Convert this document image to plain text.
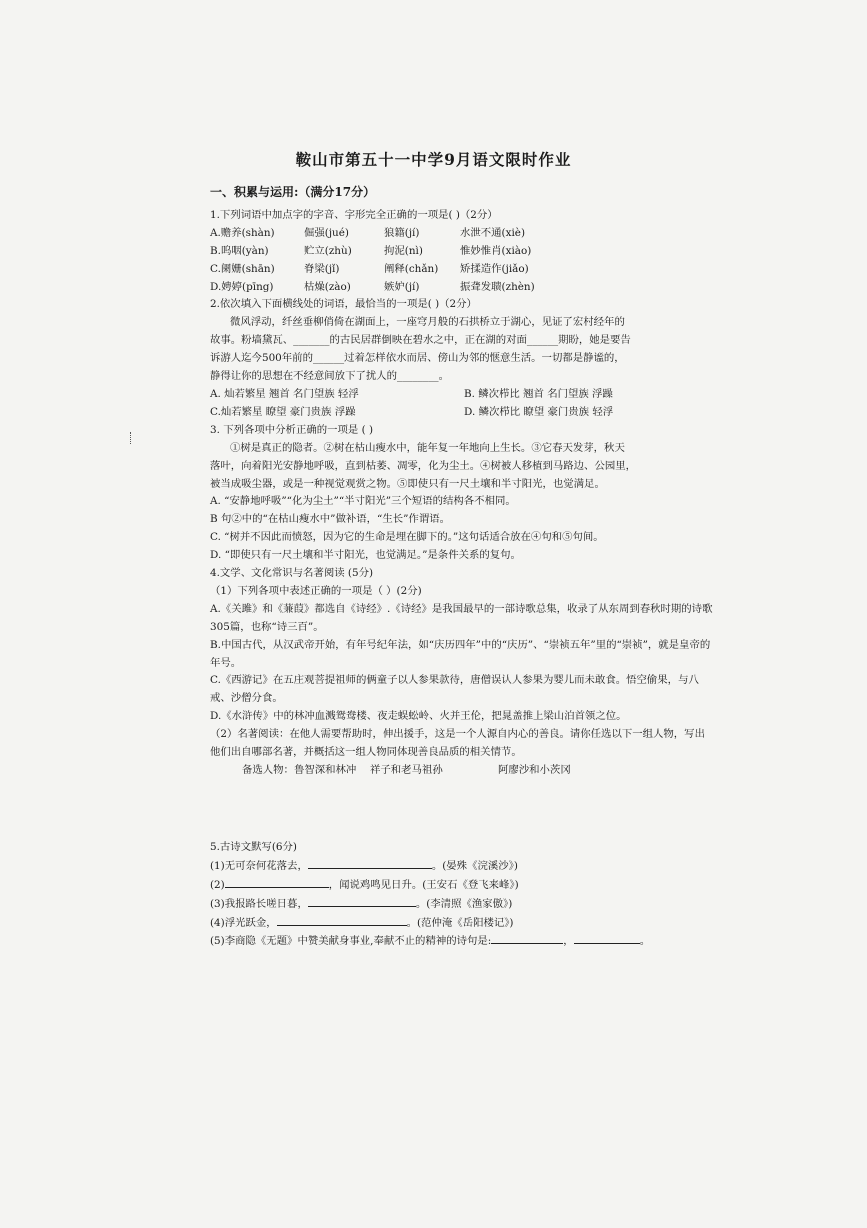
鞍山市第五十一中学9月语文限时作业

一、积累与运用:（满分17分）

1.下列词语中加点字的字音、字形完全正确的一项是( )（2分）

A.赡养(shàn)	倔强(jué)	狼籍(jí)	水泄不通(xiè)
B.呜咽(yàn)	贮立(zhù)	拘泥(nì)	惟妙惟肖(xiào)
C.阑姗(shān)	脊梁(jǐ)	阐释(chǎn)	矫揉造作(jiǎo)
D.娉婷(pīng)	枯燥(zào)	嫉妒(jí)	振聋发聩(zhèn)

2.依次填入下面横线处的词语，最恰当的一项是( )（2分）

微风浮动，纤丝垂柳俏倚在湖面上，一座穹月般的石拱桥立于湖心，见证了宏村经年的

故事。粉墙黛瓦、_______的古民居群倒映在碧水之中，正在湖的对面______期盼，她是要告

诉游人迄今500年前的______过着怎样依水而居、傍山为邻的惬意生活。一切都是静谧的，

静得让你的思想在不经意间放下了扰人的________。

A. 灿若繁星 翘首 名门望族 轻浮	B. 鳞次栉比 翘首 名门望族 浮躁
C.灿若繁星 瞭望 豪门贵族 浮躁	D. 鳞次栉比 瞭望 豪门贵族 轻浮

3. 下列各项中分析正确的一项是 ( )

①树是真正的隐者。②树在枯山瘦水中，能年复一年地向上生长。③它春天发芽，秋天

落叶，向着阳光安静地呼吸，直到枯萎、凋零，化为尘土。④树被人移植到马路边、公园里，

被当成吸尘器，或是一种视觉观赏之物。⑤即使只有一尺土壤和半寸阳光，也觉满足。

A. “安静地呼吸”“化为尘土”“半寸阳光”三个短语的结构各不相同。

B 句②中的“在枯山瘦水中”做补语，“生长”作谓语。

C. “树并不因此而愤怒，因为它的生命是埋在脚下的。”这句话适合放在④句和⑤句间。

D. “即使只有一尺土壤和半寸阳光，也觉满足。”是条件关系的复句。

4.文学、文化常识与名著阅读 (5分)

（1）下列各项中表述正确的一项是（ ）(2分)

A.《关雎》和《蒹葭》都选自《诗经》.《诗经》是我国最早的一部诗歌总集，收录了从东周到春秋时期的诗歌305篇，也称“诗三百”。

B.中国古代，从汉武帝开始，有年号纪年法，如“庆历四年”中的“庆历”、“崇祯五年”里的“崇祯”，就是皇帝的年号。

C.《西游记》在五庄观菩提祖师的俩童子以人参果款待，唐僧误认人参果为婴儿而未敢食。悟空偷果，与八戒、沙僧分食。

D.《水浒传》中的林冲血溅鸳鸯楼、夜走蜈蚣岭、火并王伦，把晁盖推上梁山泊首领之位。

（2）名著阅读：在他人需要帮助时，伸出援手，这是一个人源自内心的善良。请你任选以下一组人物，写出他们出自哪部名著，并概括这一组人物同体现善良品质的相关情节。

备选人物：鲁智深和林冲	祥子和老马祖孙	阿廖沙和小茨冈

5.古诗文默写(6分)

(1)无可奈何花落去，	。(晏殊《浣溪沙》)

(2)	，闻说鸡鸣见日升。(王安石《登飞来峰》)

(3)我报路长嗟日暮，	。(李清照《渔家傲》)

(4)浮光跃金，	。(范仲淹《岳阳楼记》)

(5)李商隐《无题》中赞美献身事业,奉献不止的精神的诗句是:	，	。
